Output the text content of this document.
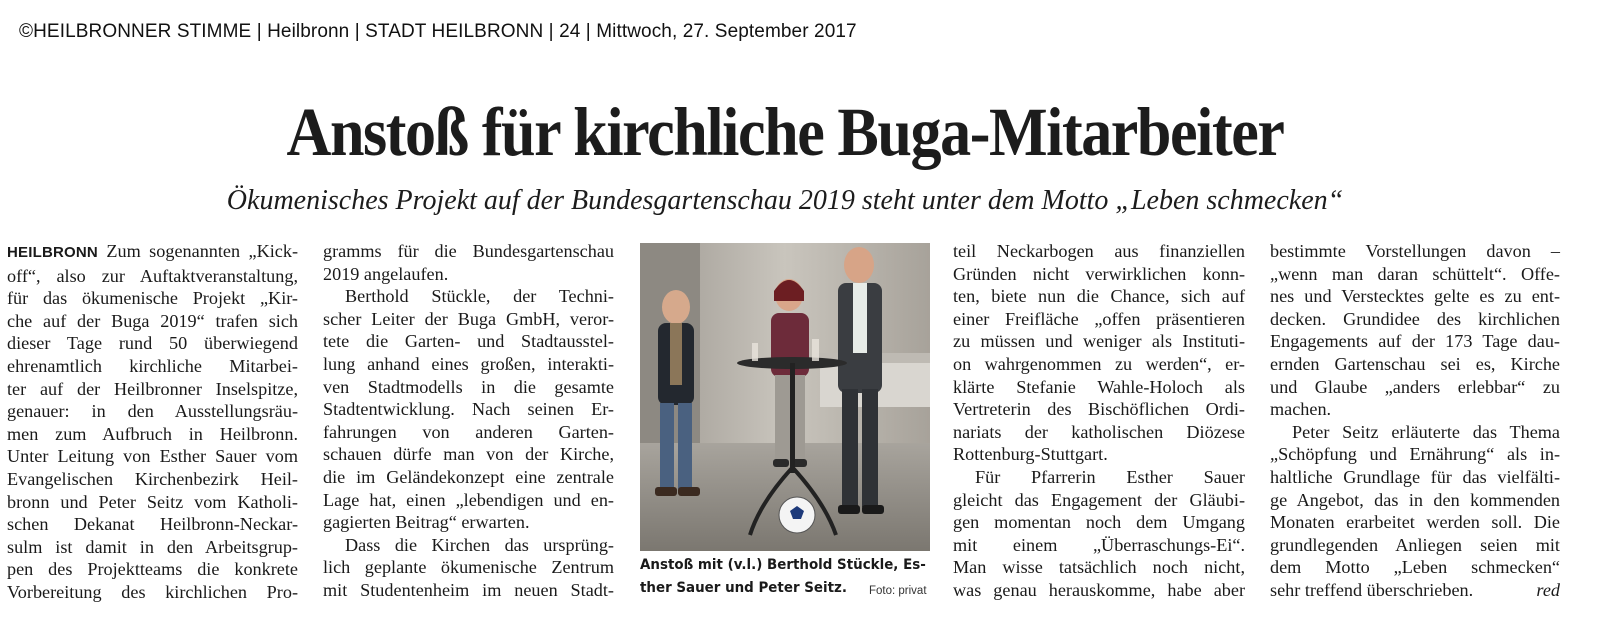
©HEILBRONNER STIMME | Heilbronn | STADT HEILBRONN | 24 | Mittwoch, 27. September 2017
Anstoß für kirchliche Buga-Mitarbeiter
Ökumenisches Projekt auf der Bundesgartenschau 2019 steht unter dem Motto „Leben schmecken“
HEILBRONN Zum sogenannten „Kick-
off“, also zur Auftaktveranstaltung,
für das ökumenische Projekt „Kir-
che auf der Buga 2019“ trafen sich
dieser Tage rund 50 überwiegend
ehrenamtlich kirchliche Mitarbei-
ter auf der Heilbronner Inselspitze,
genauer: in den Ausstellungsräu-
men zum Aufbruch in Heilbronn.
Unter Leitung von Esther Sauer vom
Evangelischen Kirchenbezirk Heil-
bronn und Peter Seitz vom Katholi-
schen Dekanat Heilbronn-Neckar-
sulm ist damit in den Arbeitsgrup-
pen des Projektteams die konkrete
Vorbereitung des kirchlichen Pro-
gramms für die Bundesgartenschau
2019 angelaufen.
Berthold Stückle, der Techni-
scher Leiter der Buga GmbH, veror-
tete die Garten- und Stadtausstel-
lung anhand eines großen, interakti-
ven Stadtmodells in die gesamte
Stadtentwicklung. Nach seinen Er-
fahrungen von anderen Garten-
schauen dürfe man von der Kirche,
die im Geländekonzept eine zentrale
Lage hat, einen „lebendigen und en-
gagierten Beitrag“ erwarten.
Dass die Kirchen das ursprüng-
lich geplante ökumenische Zentrum
mit Studentenheim im neuen Stadt-
Anstoß mit (v.l.) Berthold Stückle, Es-
ther Sauer und Peter Seitz.	Foto: privat
teil Neckarbogen aus finanziellen
Gründen nicht verwirklichen konn-
ten, biete nun die Chance, sich auf
einer Freifläche „offen präsentieren
zu müssen und weniger als Instituti-
on wahrgenommen zu werden“, er-
klärte Stefanie Wahle-Holoch als
Vertreterin des Bischöflichen Ordi-
nariats der katholischen Diözese
Rottenburg-Stuttgart.
Für Pfarrerin Esther Sauer
gleicht das Engagement der Gläubi-
gen momentan noch dem Umgang
mit einem „Überraschungs-Ei“.
Man wisse tatsächlich noch nicht,
was genau herauskomme, habe aber
bestimmte Vorstellungen davon –
„wenn man daran schüttelt“. Offe-
nes und Verstecktes gelte es zu ent-
decken. Grundidee des kirchlichen
Engagements auf der 173 Tage dau-
ernden Gartenschau sei es, Kirche
und Glaube „anders erlebbar“ zu
machen.
Peter Seitz erläuterte das Thema
„Schöpfung und Ernährung“ als in-
haltliche Grundlage für das vielfälti-
ge Angebot, das in den kommenden
Monaten erarbeitet werden soll. Die
grundlegenden Anliegen seien mit
dem Motto „Leben schmecken“
sehr treffend überschrieben.	red
